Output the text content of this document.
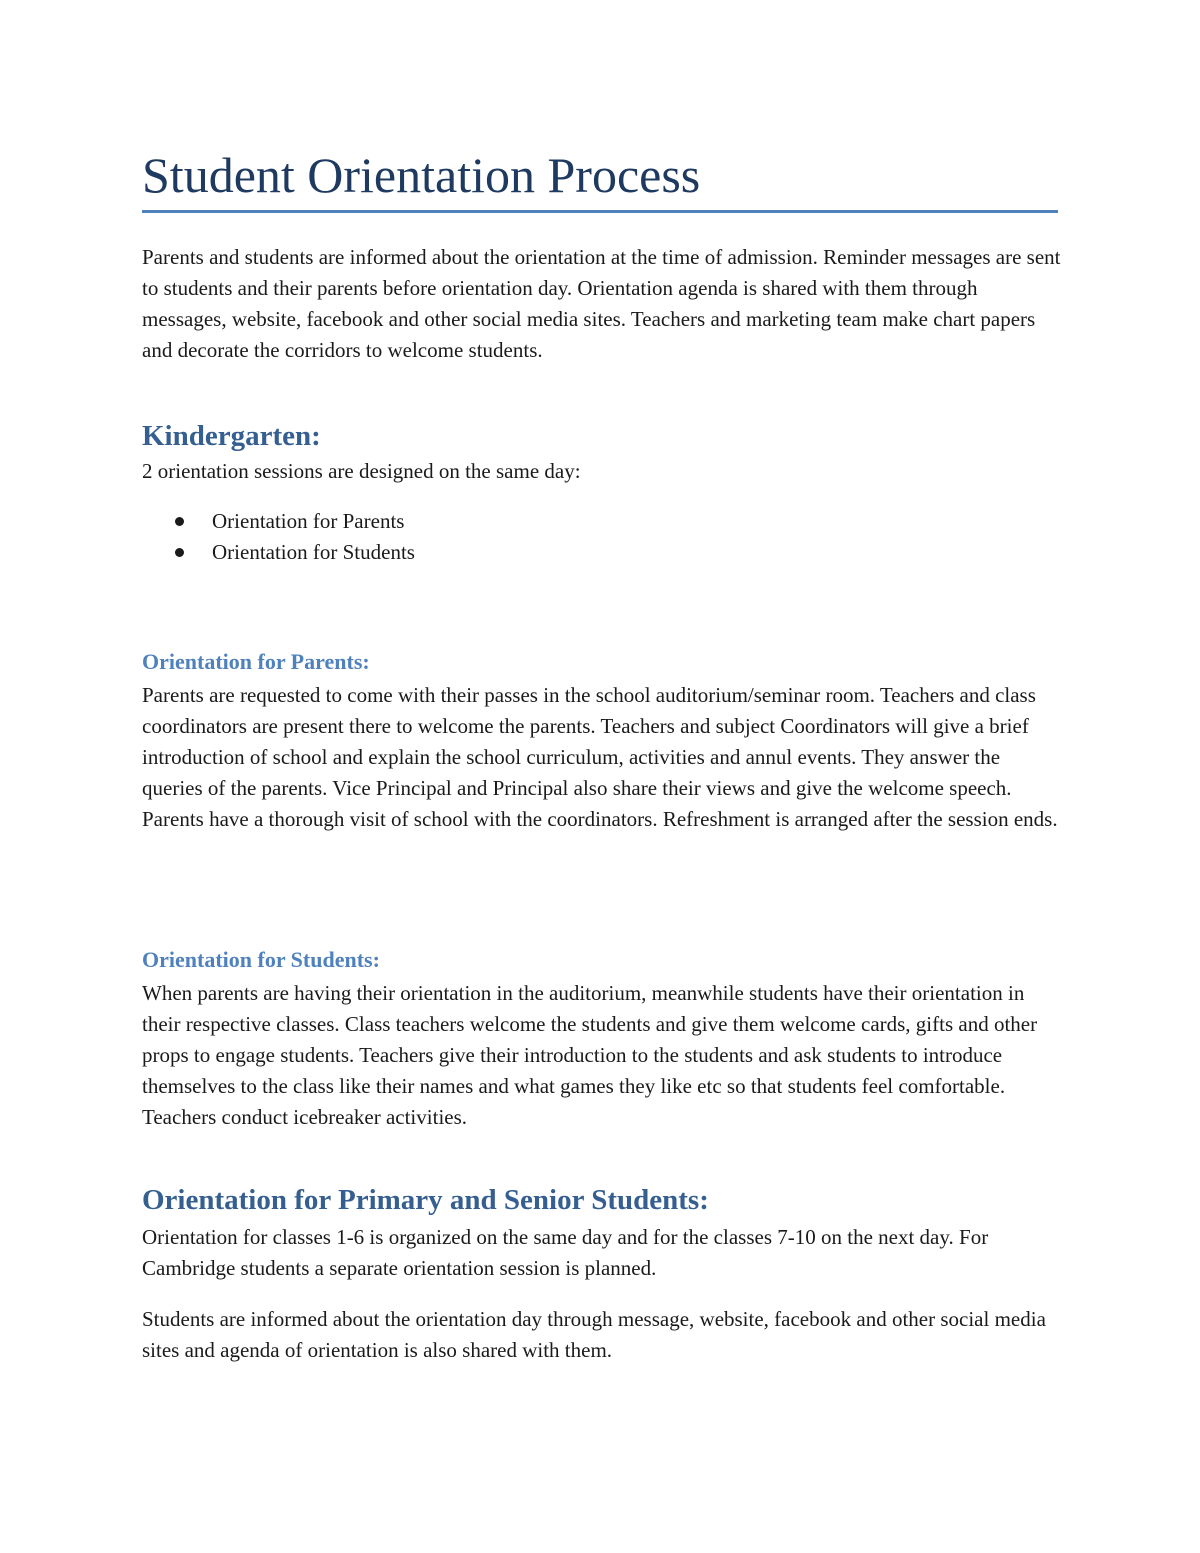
Student Orientation Process

Parents and students are informed about the orientation at the time of admission. Reminder messages are sent to students and their parents before orientation day. Orientation agenda is shared with them through messages, website, facebook and other social media sites. Teachers and marketing team make chart papers and decorate the corridors to welcome students.

Kindergarten:

2 orientation sessions are designed on the same day:

Orientation for Parents
Orientation for Students
Orientation for Parents:

Parents are requested to come with their passes in the school auditorium/seminar room. Teachers and class coordinators are present there to welcome the parents. Teachers and subject Coordinators will give a brief introduction of school and explain the school curriculum, activities and annul events. They answer the queries of the parents. Vice Principal and Principal also share their views and give the welcome speech. Parents have a thorough visit of school with the coordinators. Refreshment is arranged after the session ends.

Orientation for Students:

When parents are having their orientation in the auditorium, meanwhile students have their orientation in their respective classes. Class teachers welcome the students and give them welcome cards, gifts and other props to engage students. Teachers give their introduction to the students and ask students to introduce themselves to the class like their names and what games they like etc so that students feel comfortable. Teachers conduct icebreaker activities.

Orientation for Primary and Senior Students:

Orientation for classes 1-6 is organized on the same day and for the classes 7-10 on the next day. For Cambridge students a separate orientation session is planned.

Students are informed about the orientation day through message, website, facebook and other social media sites and agenda of orientation is also shared with them.
